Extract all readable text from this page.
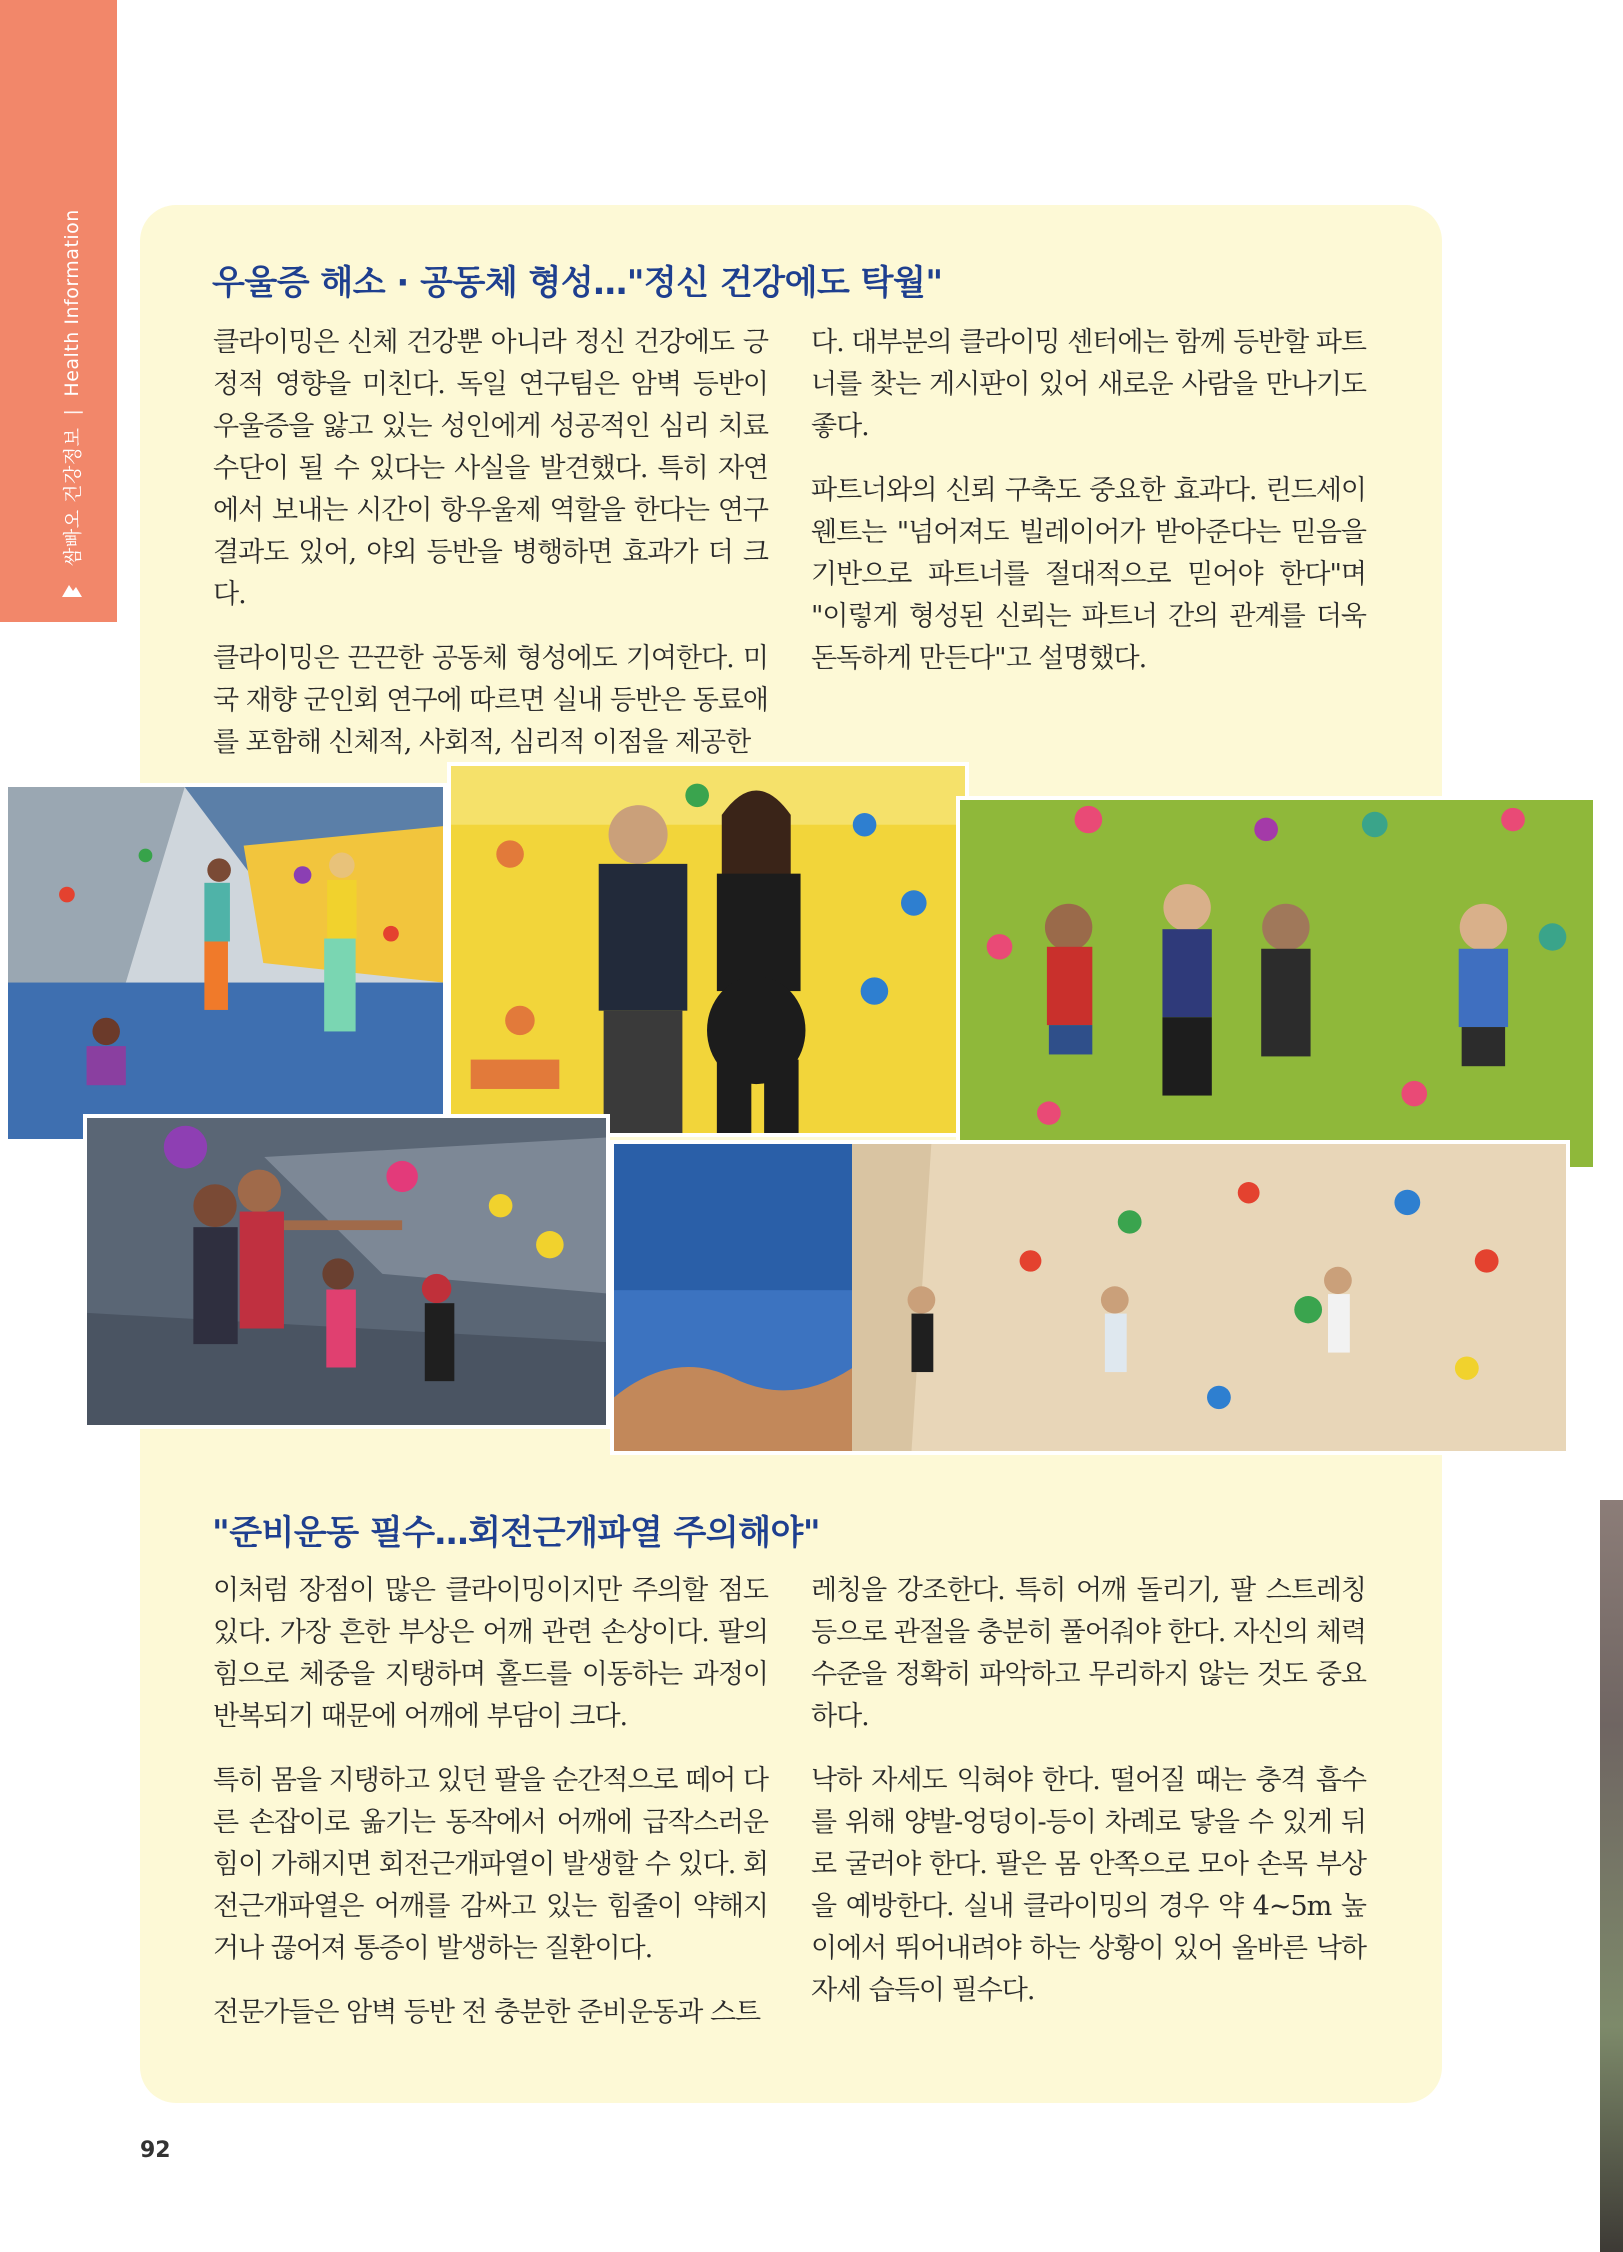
쌈빠오 건강정보
|
Health Information	우울증 해소 · 공동체 형성…"정신 건강에도 탁월"

클라이밍은 신체 건강뿐 아니라 정신 건강에도 긍정적 영향을 미친다. 독일 연구팀은 암벽 등반이 우울증을 앓고 있는 성인에게 성공적인 심리 치료 수단이 될 수 있다는 사실을 발견했다. 특히 자연에서 보내는 시간이 항우울제 역할을 한다는 연구 결과도 있어, 야외 등반을 병행하면 효과가 더 크다.

클라이밍은 끈끈한 공동체 형성에도 기여한다. 미국 재향 군인회 연구에 따르면 실내 등반은 동료애를 포함해 신체적, 사회적, 심리적 이점을 제공한

다. 대부분의 클라이밍 센터에는 함께 등반할 파트너를 찾는 게시판이 있어 새로운 사람을 만나기도 좋다.

파트너와의 신뢰 구축도 중요한 효과다. 린드세이 웬트는 "넘어져도 빌레이어가 받아준다는 믿음을 기반으로 파트너를 절대적으로 믿어야 한다"며 "이렇게 형성된 신뢰는 파트너 간의 관계를 더욱 돈독하게 만든다"고 설명했다.

"준비운동 필수…회전근개파열 주의해야"

이처럼 장점이 많은 클라이밍이지만 주의할 점도 있다. 가장 흔한 부상은 어깨 관련 손상이다. 팔의 힘으로 체중을 지탱하며 홀드를 이동하는 과정이 반복되기 때문에 어깨에 부담이 크다.

특히 몸을 지탱하고 있던 팔을 순간적으로 떼어 다른 손잡이로 옮기는 동작에서 어깨에 급작스러운 힘이 가해지면 회전근개파열이 발생할 수 있다. 회전근개파열은 어깨를 감싸고 있는 힘줄이 약해지거나 끊어져 통증이 발생하는 질환이다.

전문가들은 암벽 등반 전 충분한 준비운동과 스트

레칭을 강조한다. 특히 어깨 돌리기, 팔 스트레칭 등으로 관절을 충분히 풀어줘야 한다. 자신의 체력 수준을 정확히 파악하고 무리하지 않는 것도 중요하다.

낙하 자세도 익혀야 한다. 떨어질 때는 충격 흡수를 위해 양발-엉덩이-등이 차례로 닿을 수 있게 뒤로 굴러야 한다. 팔은 몸 안쪽으로 모아 손목 부상을 예방한다. 실내 클라이밍의 경우 약 4~5m 높이에서 뛰어내려야 하는 상황이 있어 올바른 낙하 자세 습득이 필수다.

92
